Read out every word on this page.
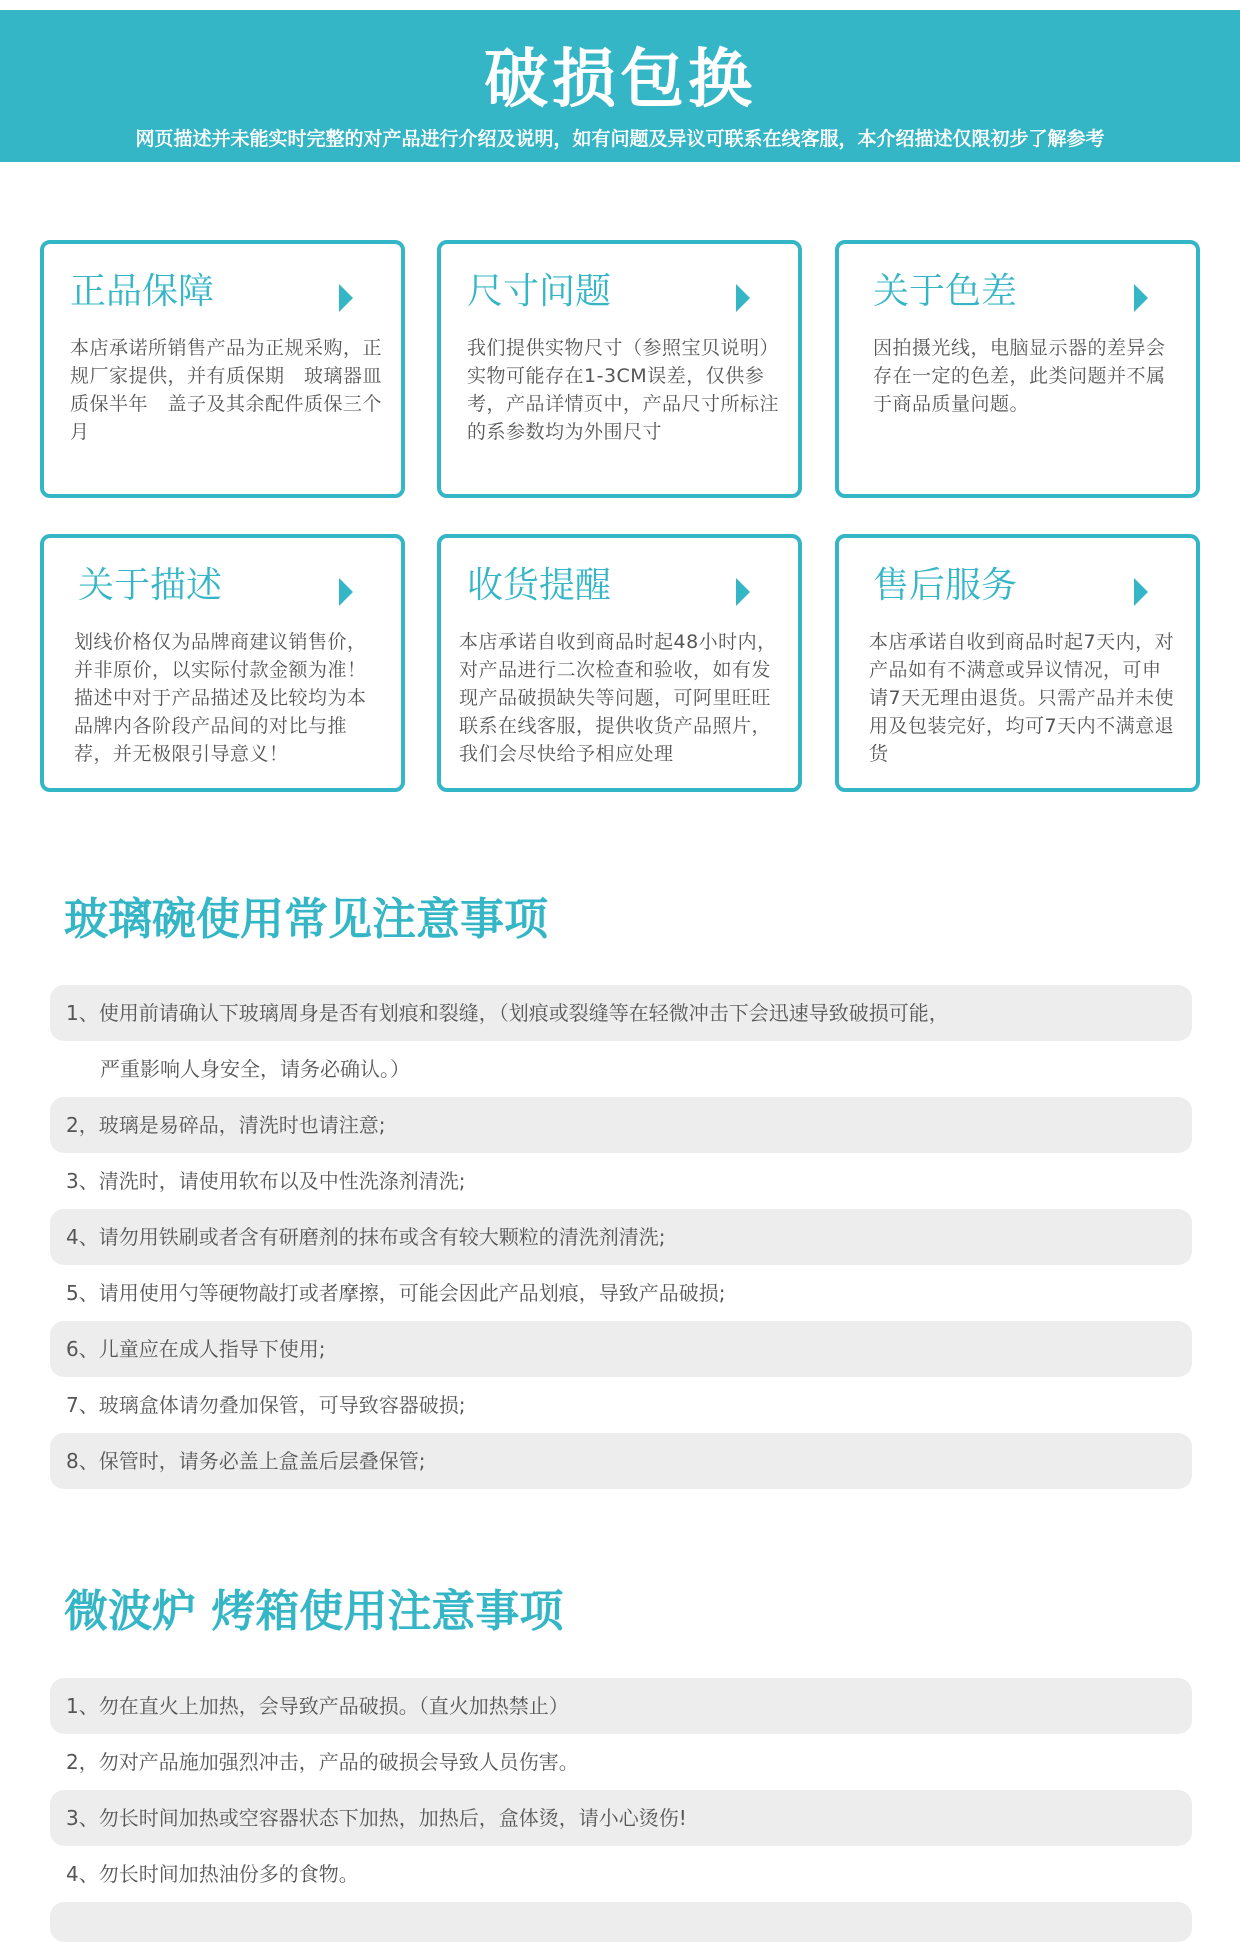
破损包换
网页描述并未能实时完整的对产品进行介绍及说明，如有问题及异议可联系在线客服，本介绍描述仅限初步了解参考
正品保障
本店承诺所销售产品为正规采购，正规厂家提供，并有质保期　玻璃器皿质保半年　盖子及其余配件质保三个月
尺寸问题
我们提供实物尺寸（参照宝贝说明）实物可能存在1-3CM误差，仅供参考，产品详情页中，产品尺寸所标注的系参数均为外围尺寸
关于色差
因拍摄光线，电脑显示器的差异会存在一定的色差，此类问题并不属于商品质量问题。
关于描述
划线价格仅为品牌商建议销售价，并非原价，以实际付款金额为准！描述中对于产品描述及比较均为本品牌内各阶段产品间的对比与推荐，并无极限引导意义！
收货提醒
本店承诺自收到商品时起48小时内，对产品进行二次检查和验收，如有发现产品破损缺失等问题，可阿里旺旺联系在线客服，提供收货产品照片，我们会尽快给予相应处理
售后服务
本店承诺自收到商品时起7天内，对产品如有不满意或异议情况，可申请7天无理由退货。只需产品并未使用及包装完好，均可7天内不满意退货
玻璃碗使用常见注意事项
1、使用前请确认下玻璃周身是否有划痕和裂缝，（划痕或裂缝等在轻微冲击下会迅速导致破损可能，
严重影响人身安全，请务必确认。）
2，玻璃是易碎品，清洗时也请注意;
3、清洗时，请使用软布以及中性洗涤剂清洗;
4、请勿用铁刷或者含有研磨剂的抹布或含有较大颗粒的清洗剂清洗;
5、请用使用勺等硬物敲打或者摩擦，可能会因此产品划痕，导致产品破损;
6、儿童应在成人指导下使用;
7、玻璃盒体请勿叠加保管，可导致容器破损;
8、保管时，请务必盖上盒盖后层叠保管;
微波炉 烤箱使用注意事项
1、勿在直火上加热，会导致产品破损。（直火加热禁止）
2，勿对产品施加强烈冲击，产品的破损会导致人员伤害。
3、勿长时间加热或空容器状态下加热，加热后，盒体烫，请小心烫伤!
4、勿长时间加热油份多的食物。
